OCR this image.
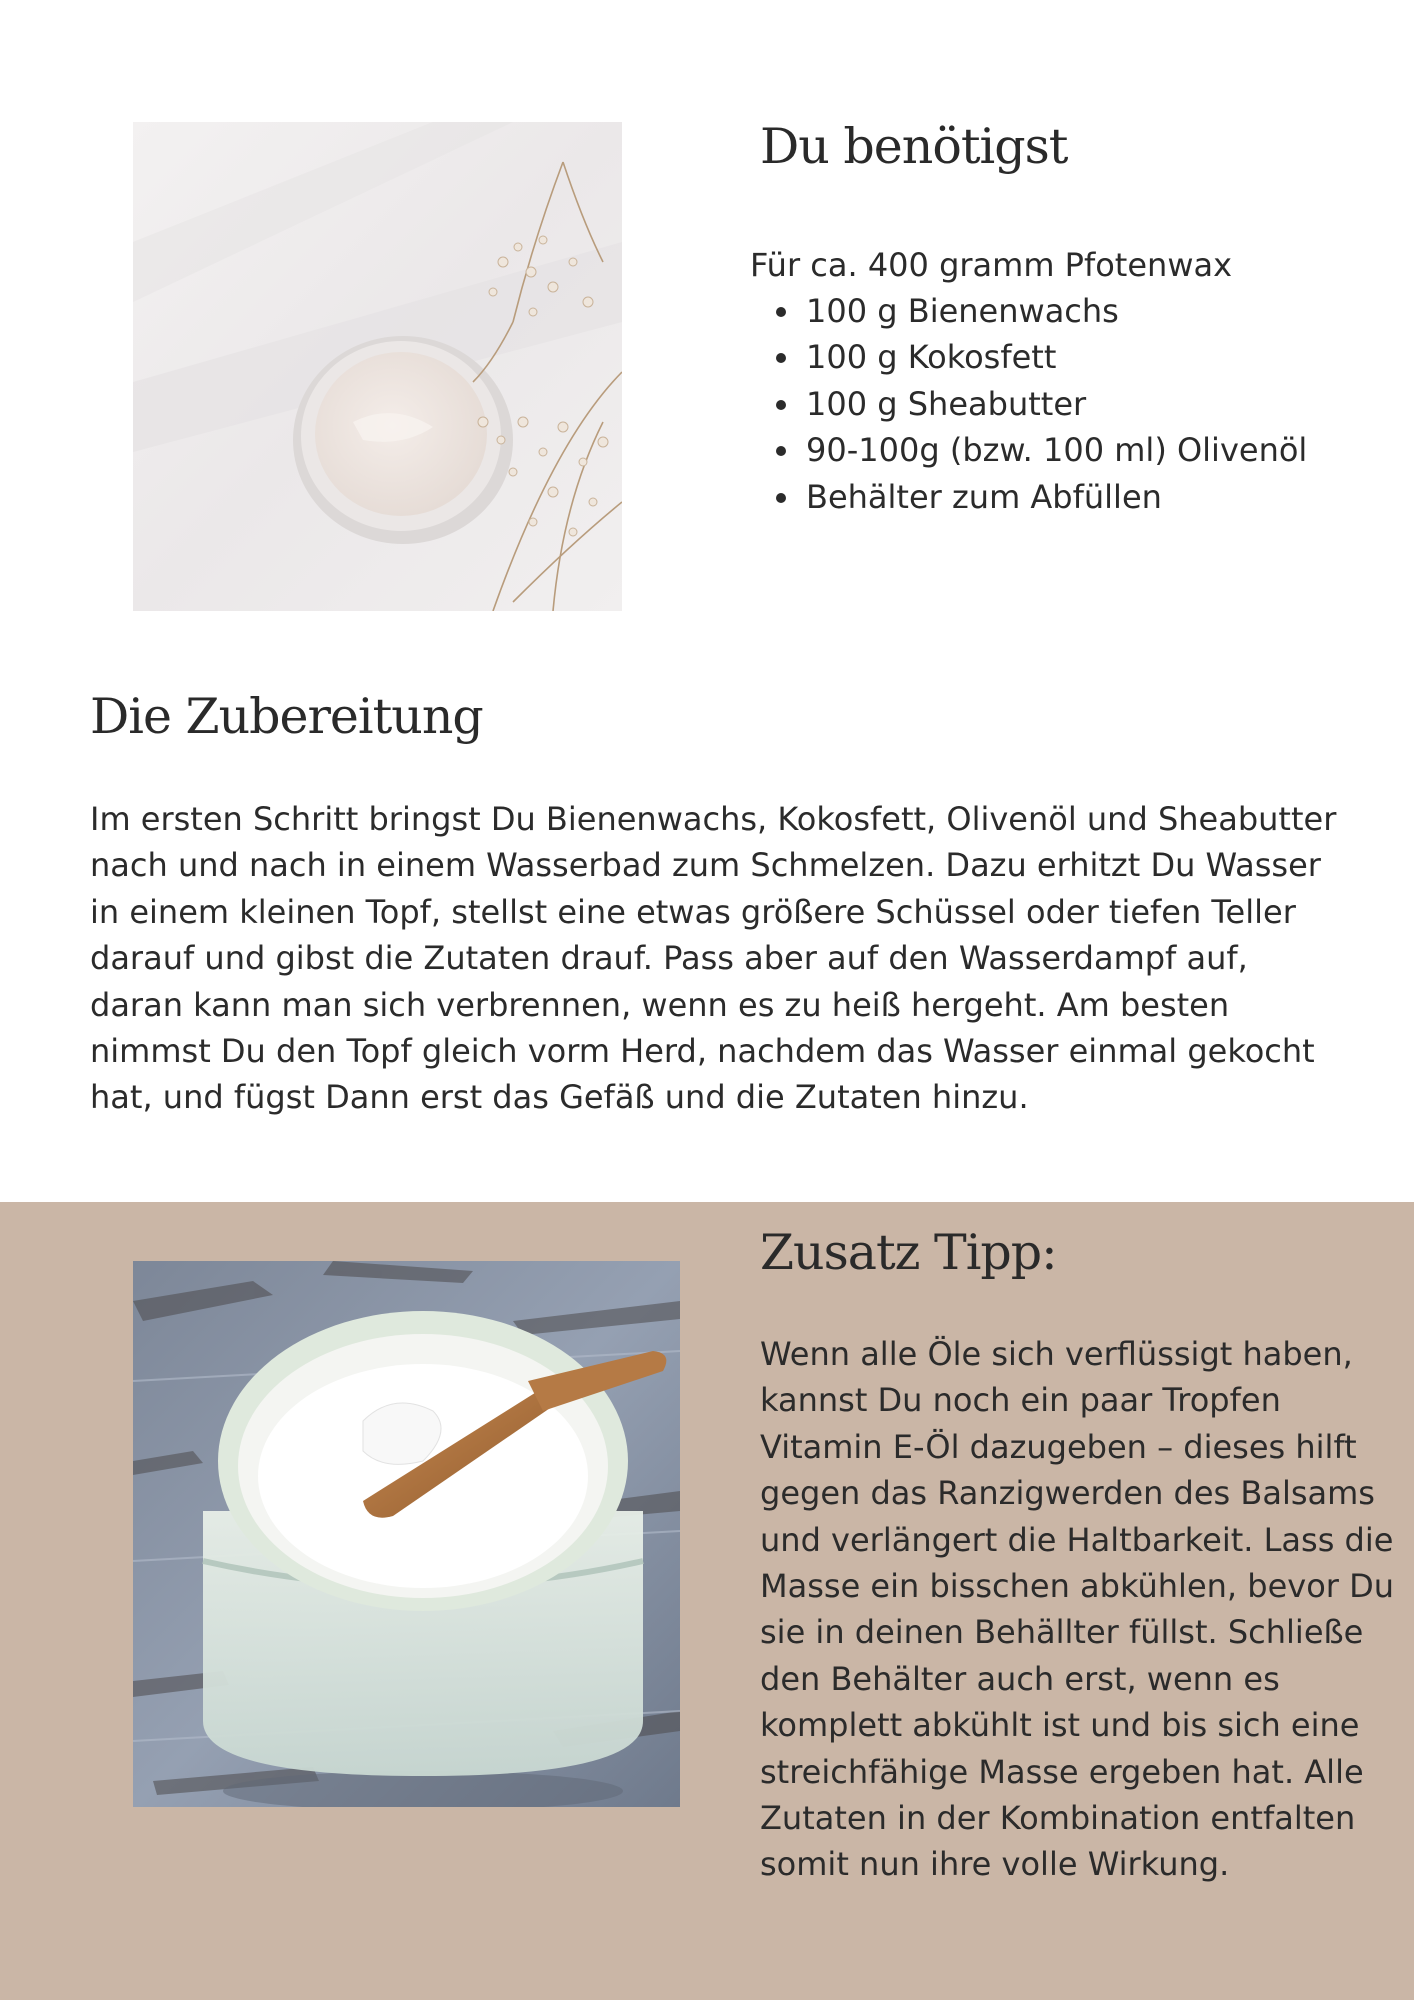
Du benötigst

Für ca. 400 gramm Pfotenwax

100 g Bienenwachs
100 g Kokosfett
100 g Sheabutter
90-100g (bzw. 100 ml) Olivenöl
Behälter zum Abfüllen
Die Zubereitung

Im ersten Schritt bringst Du Bienenwachs, Kokosfett, Olivenöl und Sheabutter nach und nach in einem Wasserbad zum Schmelzen. Dazu erhitzt Du Wasser in einem kleinen Topf, stellst eine etwas größere Schüssel oder tiefen Teller darauf und gibst die Zutaten drauf. Pass aber auf den Wasserdampf auf, daran kann man sich verbrennen, wenn es zu heiß hergeht. Am besten nimmst Du den Topf gleich vorm Herd, nachdem das Wasser einmal gekocht hat, und fügst Dann erst das Gefäß und die Zutaten hinzu.

Zusatz Tipp:

Wenn alle Öle sich verflüssigt haben, kannst Du noch ein paar Tropfen Vitamin E-Öl dazugeben – dieses hilft gegen das Ranzigwerden des Balsams und verlängert die Haltbarkeit. Lass die Masse ein bisschen abkühlen, bevor Du sie in deinen Behällter füllst. Schließe den Behälter auch erst, wenn es komplett abkühlt ist und bis sich eine streichfähige Masse ergeben hat. Alle Zutaten in der Kombination entfalten somit nun ihre volle Wirkung.
